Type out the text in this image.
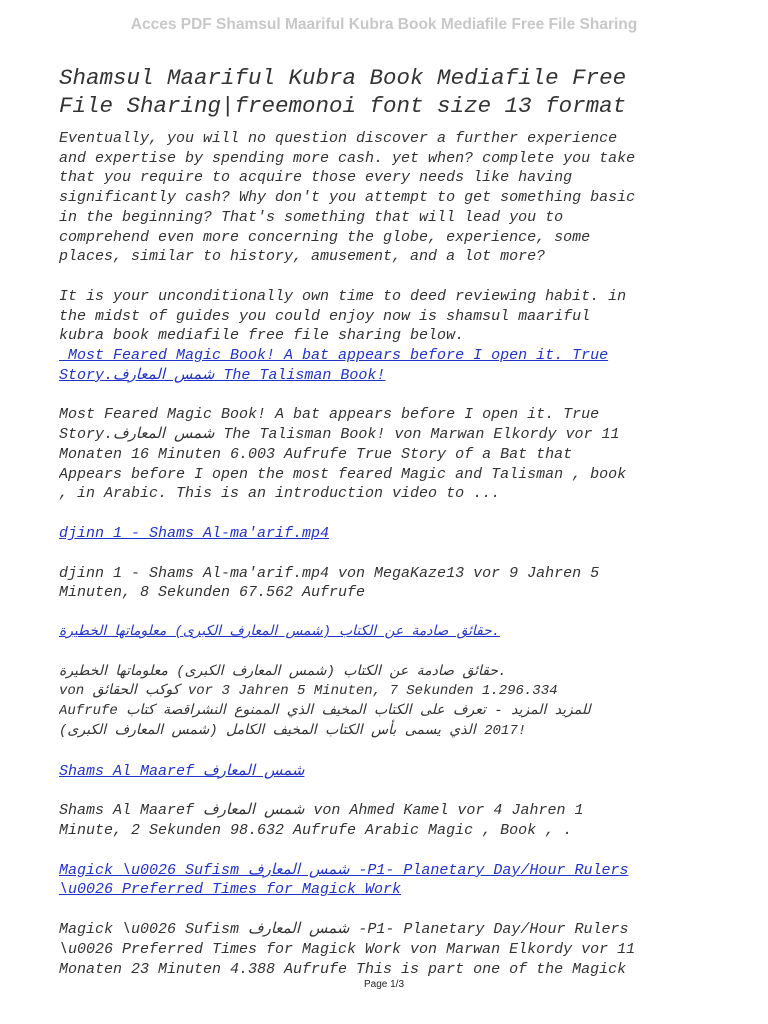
Acces PDF Shamsul Maariful Kubra Book Mediafile Free File Sharing
Shamsul Maariful Kubra Book Mediafile Free
File Sharing|freemonoi font size 13 format

Eventually, you will no question discover a further experience
and expertise by spending more cash. yet when? complete you take
that you require to acquire those every needs like having
significantly cash? Why don't you attempt to get something basic
in the beginning? That's something that will lead you to
comprehend even more concerning the globe, experience, some
places, similar to history, amusement, and a lot more?

It is your unconditionally own time to deed reviewing habit. in
the midst of guides you could enjoy now is shamsul maariful
kubra book mediafile free file sharing below.

Most Feared Magic Book! A bat appears before I open it. True
Story.شمس المعارف The Talisman Book!

Most Feared Magic Book! A bat appears before I open it. True
Story.شمس المعارف The Talisman Book! von Marwan Elkordy vor 11
Monaten 16 Minuten 6.003 Aufrufe True Story of a Bat that
Appears before I open the most feared Magic and Talisman , book
, in Arabic. This is an introduction video to ...

djinn 1 - Shams Al-ma'arif.mp4

djinn 1 - Shams Al-ma'arif.mp4 von MegaKaze13 vor 9 Jahren 5
Minuten, 8 Sekunden 67.562 Aufrufe

حقائق صادمة عن الكتاب (شمس المعارف الكبرى) معلوماتها الخطيرة.

حقائق صادمة عن الكتاب (شمس المعارف الكبرى) معلوماتها الخطيرة.
von كوكب الحقائق vor 3 Jahren 5 Minuten, 7 Sekunden 1.296.334
Aufrufe للمزيد المزيد - تعرف على الكتاب المخيف الذي الممنوع النشراقصة كتاب
(شمس المعارف الكبرى) 2017 الذي يسمى بأس الكتاب المخيف الكامل!

Shams Al Maaref شمس المعارف

Shams Al Maaref شمس المعارف von Ahmed Kamel vor 4 Jahren 1
Minute, 2 Sekunden 98.632 Aufrufe Arabic Magic , Book , .

Magick \u0026 Sufism شمس المعارف -P1- Planetary Day/Hour Rulers
\u0026 Preferred Times for Magick Work

Magick \u0026 Sufism شمس المعارف -P1- Planetary Day/Hour Rulers
\u0026 Preferred Times for Magick Work von Marwan Elkordy vor 11
Monaten 23 Minuten 4.388 Aufrufe This is part one of the Magick

Page 1/3
